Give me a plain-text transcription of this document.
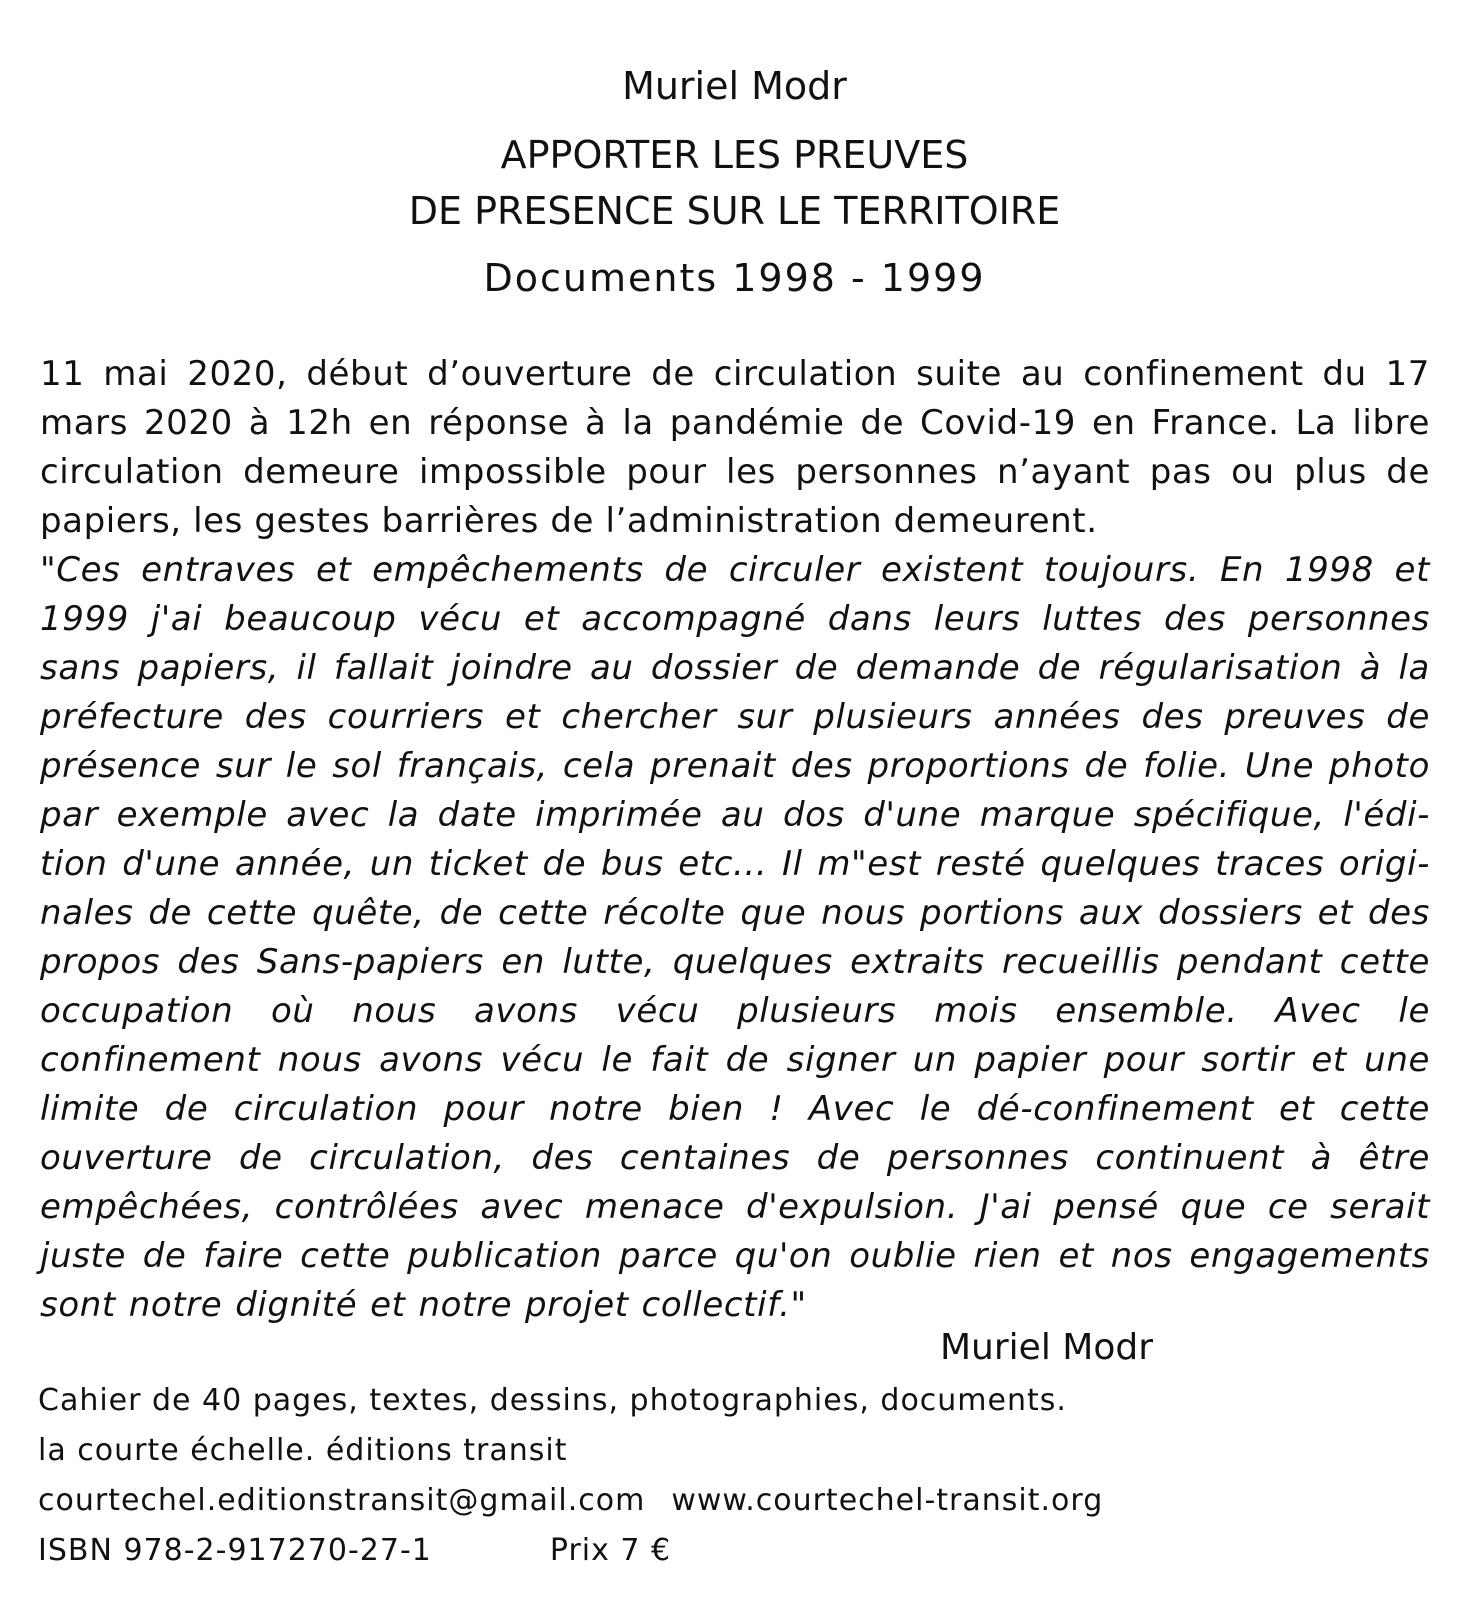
Muriel Modr
APPORTER LES PREUVES
DE PRESENCE SUR LE TERRITOIRE
Documents 1998 - 1999

11 mai 2020, début d’ouverture de circulation suite au confinement du 17 mars 2020 à 12h en réponse à la pandémie de Covid-19 en France. La libre circulation demeure impossible pour les personnes n’ayant pas ou plus de papiers, les gestes barrières de l’administration demeurent.

"Ces entraves et empêchements de circuler existent toujours. En 1998 et 1999 j'ai beaucoup vécu et accompagné dans leurs luttes des personnes sans papiers, il fallait joindre au dossier de demande de régularisation à la préfecture des courriers et chercher sur plusieurs années des preuves de présence sur le sol français, cela prenait des proportions de folie. Une photo par exemple avec la date imprimée au dos d'une marque spécifique, l'édi-tion d'une année, un ticket de bus etc... Il m"est resté quelques traces origi-nales de cette quête, de cette récolte que nous portions aux dossiers et des propos des Sans-papiers en lutte, quelques extraits recueillis pendant cette occupation où nous avons vécu plusieurs mois ensemble. Avec le confinement nous avons vécu le fait de signer un papier pour sortir et une limite de circulation pour notre bien ! Avec le dé-confinement et cette ouverture de circulation, des centaines de personnes continuent à être empêchées, contrôlées avec menace d'expulsion. J'ai pensé que ce serait juste de faire cette publication parce qu'on oublie rien et nos engagements sont notre dignité et notre projet collectif."

Muriel Modr
Cahier de 40 pages, textes, dessins, photographies, documents.
la courte échelle. éditions transit
courtechel.editionstransit@gmail.com www.courtechel-transit.org
ISBN 978-2-917270-27-1	Prix 7 €
